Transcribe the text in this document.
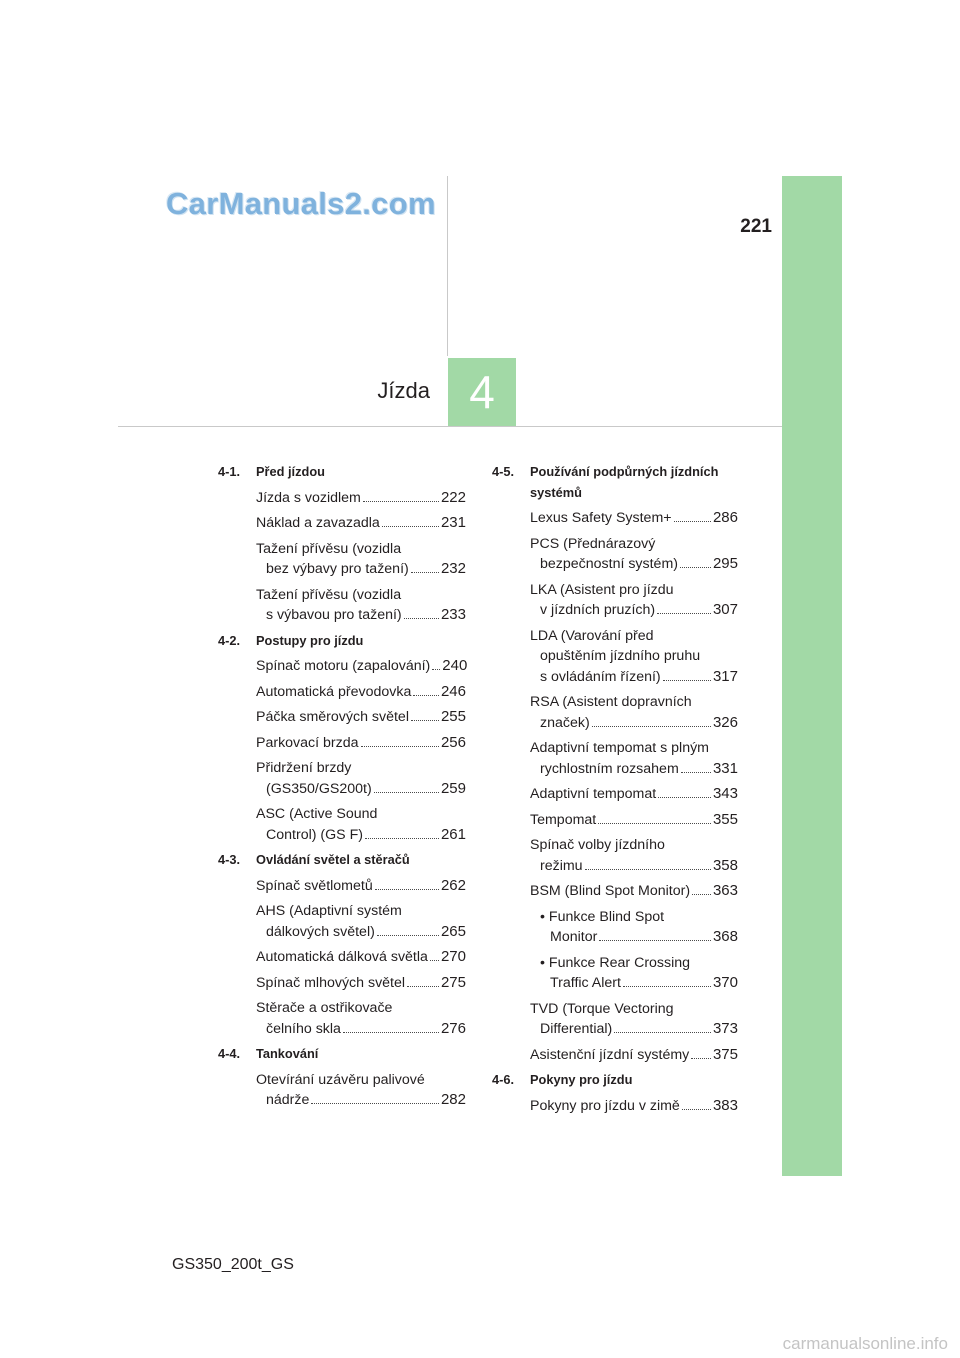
CarManuals2.com
221
Jízda 4
4-1.	Před jízdou
Jízda s vozidlem	222
Náklad a zavazadla	231
Tažení přívěsu (vozidla
bez výbavy pro tažení) 232
Tažení přívěsu (vozidla
s výbavou pro tažení)	233
4-2.	Postupy pro jízdu
Spínač motoru (zapalování) 240
Automatická převodovka 246
Páčka směrových světel 255
Parkovací brzda	256
Přidržení brzdy
(GS350/GS200t)	259
ASC (Active Sound
Control) (GS F)	261
4-3.	Ovládání světel a stěračů
Spínač světlometů	262
AHS (Adaptivní systém
dálkových světel)	265
Automatická dálková světla 270
Spínač mlhových světel 275
Stěrače a ostřikovače
čelního skla	276
4-4.	Tankování
Otevírání uzávěru palivové
nádrže	282
4-5.	Používání podpůrných jízdních systémů
Lexus Safety System+	286
PCS (Přednárazový
bezpečnostní systém) 295
LKA (Asistent pro jízdu
v jízdních pruzích)	307
LDA (Varování před
opuštěním jízdního pruhu
s ovládáním řízení)	317
RSA (Asistent dopravních
značek)	326
Adaptivní tempomat s plným
rychlostním rozsahem 331
Adaptivní tempomat	343
Tempomat	355
Spínač volby jízdního
režimu	358
BSM (Blind Spot Monitor) 363
• Funkce Blind Spot
Monitor	368
• Funkce Rear Crossing
Traffic Alert	370
TVD (Torque Vectoring
Differential)	373
Asistenční jízdní systémy 375
4-6.	Pokyny pro jízdu
Pokyny pro jízdu v zimě 383
GS350_200t_GS
carmanualsonline.info
